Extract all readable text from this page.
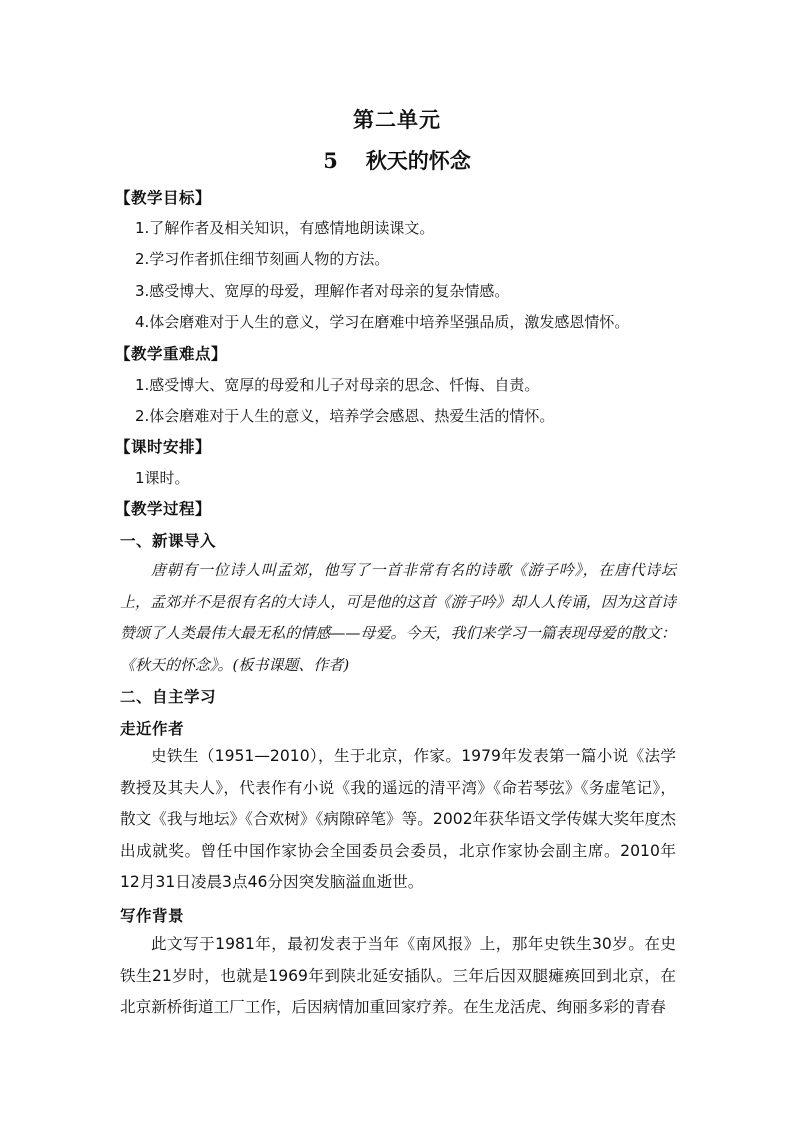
第二单元
5 秋天的怀念
【教学目标】
1.了解作者及相关知识，有感情地朗读课文。
2.学习作者抓住细节刻画人物的方法。
3.感受博大、宽厚的母爱，理解作者对母亲的复杂情感。
4.体会磨难对于人生的意义，学习在磨难中培养坚强品质，激发感恩情怀。
【教学重难点】
1.感受博大、宽厚的母爱和儿子对母亲的思念、忏悔、自责。
2.体会磨难对于人生的意义，培养学会感恩、热爱生活的情怀。
【课时安排】
1课时。
【教学过程】
一、新课导入
唐朝有一位诗人叫孟郊，他写了一首非常有名的诗歌《游子吟》，在唐代诗坛上，孟郊并不是很有名的大诗人，可是他的这首《游子吟》却人人传诵，因为这首诗赞颂了人类最伟大最无私的情感——母爱。今天，我们来学习一篇表现母爱的散文：《秋天的怀念》。(板书课题、作者)
二、自主学习
走近作者
史铁生（1951—2010），生于北京，作家。1979年发表第一篇小说《法学教授及其夫人》，代表作有小说《我的遥远的清平湾》《命若琴弦》《务虚笔记》，散文《我与地坛》《合欢树》《病隙碎笔》等。2002年获华语文学传媒大奖年度杰出成就奖。曾任中国作家协会全国委员会委员，北京作家协会副主席。2010年12月31日凌晨3点46分因突发脑溢血逝世。
写作背景
此文写于1981年，最初发表于当年《南风报》上，那年史铁生30岁。在史铁生21岁时，也就是1969年到陕北延安插队。三年后因双腿瘫痪回到北京，在北京新桥街道工厂工作，后因病情加重回家疗养。在生龙活虎、绚丽多彩的青春
